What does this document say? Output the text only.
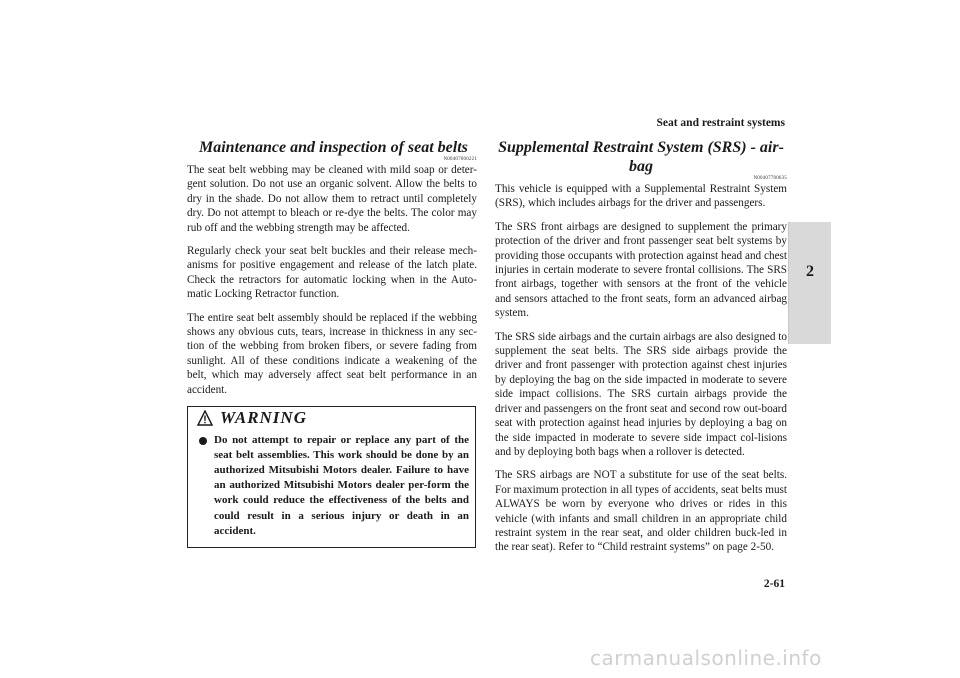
Seat and restraint systems
2
Maintenance and inspection of seat belts
N00407000221

The seat belt webbing may be cleaned with mild soap or deter-gent solution. Do not use an organic solvent. Allow the belts to dry in the shade. Do not allow them to retract until completely dry. Do not attempt to bleach or re-dye the belts. The color may rub off and the webbing strength may be affected.

Regularly check your seat belt buckles and their release mech-anisms for positive engagement and release of the latch plate. Check the retractors for automatic locking when in the Auto-matic Locking Retractor function.

The entire seat belt assembly should be replaced if the webbing shows any obvious cuts, tears, increase in thickness in any sec-tion of the webbing from broken fibers, or severe fading from sunlight. All of these conditions indicate a weakening of the belt, which may adversely affect seat belt performance in an accident.

WARNING
Do not attempt to repair or replace any part of the seat belt assemblies. This work should be done by an authorized Mitsubishi Motors dealer. Failure to have an authorized Mitsubishi Motors dealer per-form the work could reduce the effectiveness of the belts and could result in a serious injury or death in an accident.
Supplemental Restraint System (SRS) - air-bag
N00407700635

This vehicle is equipped with a Supplemental Restraint System (SRS), which includes airbags for the driver and passengers.

The SRS front airbags are designed to supplement the primary protection of the driver and front passenger seat belt systems by providing those occupants with protection against head and chest injuries in certain moderate to severe frontal collisions. The SRS front airbags, together with sensors at the front of the vehicle and sensors attached to the front seats, form an advanced airbag system.

The SRS side airbags and the curtain airbags are also designed to supplement the seat belts. The SRS side airbags provide the driver and front passenger with protection against chest injuries by deploying the bag on the side impacted in moderate to severe side impact collisions. The SRS curtain airbags provide the driver and passengers on the front seat and second row out-board seat with protection against head injuries by deploying a bag on the side impacted in moderate to severe side impact col-lisions and by deploying both bags when a rollover is detected.

The SRS airbags are NOT a substitute for use of the seat belts. For maximum protection in all types of accidents, seat belts must ALWAYS be worn by everyone who drives or rides in this vehicle (with infants and small children in an appropriate child restraint system in the rear seat, and older children buck-led in the rear seat). Refer to “Child restraint systems” on page 2-50.

2-61
carmanualsonline.info
